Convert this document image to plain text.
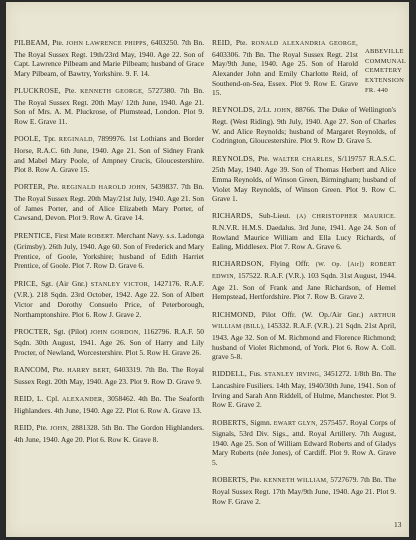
PILBEAM, Pte. JOHN LAWRENCE PHIPPS, 6403250. 7th Bn. The Royal Sussex Regt. 19th/23rd May, 1940. Age 22. Son of Capt. Lawrence Pilbeam and Marie Pilbeam; husband of Grace Mary Pilbeam, of Bawtry, Yorkshire. 9. F. 14.

PLUCKROSE, Pte. KENNETH GEORGE, 5727380. 7th Bn. The Royal Sussex Regt. 20th May/ 12th June, 1940. Age 21. Son of Mrs. A. M. Pluckrose, of Plumstead, London. Plot 9. Row E. Grave 11.

POOLE, Tpr. REGINALD, 7899976. 1st Lothians and Border Horse, R.A.C. 6th June, 1940. Age 21. Son of Sidney Frank and Mabel Mary Poole, of Ampney Crucis, Gloucestershire. Plot 8. Row A. Grave 15.

PORTER, Pte. REGINALD HAROLD JOHN, 5439837. 7th Bn. The Royal Sussex Regt. 20th May/21st July, 1940. Age 21. Son of James Porter, and of Alice Elizabeth Mary Porter, of Cawsand, Devon. Plot 9. Row A. Grave 14.

PRENTICE, First Mate ROBERT. Merchant Navy. s.s. Ladonga (Grimsby). 26th July, 1940. Age 60. Son of Frederick and Mary Prentice, of Goole, Yorkshire; husband of Edith Harriet Prentice, of Goole. Plot 7. Row D. Grave 6.

PRICE, Sgt. (Air Gnr.) STANLEY VICTOR, 1427176. R.A.F. (V.R.). 218 Sqdn. 23rd October, 1942. Age 22. Son of Albert Victor and Dorothy Consuelo Price, of Peterborough, Northamptonshire. Plot 6. Row J. Grave 2.

PROCTER, Sgt. (Pilot) JOHN GORDON, 1162796. R.A.F. 50 Sqdn. 30th August, 1941. Age 26. Son of Harry and Lily Procter, of Newland, Worcestershire. Plot 5. Row H. Grave 26.

RANCOM, Pte. HARRY BERT, 6403319. 7th Bn. The Royal Sussex Regt. 20th May, 1940. Age 23. Plot 9. Row D. Grave 9.

REID, L. Cpl. ALEXANDER, 3058462. 4th Bn. The Seaforth Highlanders. 4th June, 1940. Age 22. Plot 6. Row A. Grave 13.

REID, Pte. JOHN, 2881328. 5th Bn. The Gordon Highlanders. 4th June, 1940. Age 20. Plot 6. Row K. Grave 8.

REID, Pte. RONALD ALEXANDRIA GEORGE, 6403306. 7th Bn. The Royal Sussex Regt. 21st May/9th June, 1940. Age 25. Son of Harold Alexander John and Emily Charlotte Reid, of Southend-on-Sea, Essex. Plot 9. Row E. Grave 15.

REYNOLDS, 2/Lt. JOHN, 88766. The Duke of Wellington's Regt. (West Riding). 9th July, 1940. Age 27. Son of Charles W. and Alice Reynolds; husband of Margaret Reynolds, of Codrington, Gloucestershire. Plot 9. Row D. Grave 5.

REYNOLDS, Pte. WALTER CHARLES, S/119757 R.A.S.C. 25th May, 1940. Age 39. Son of Thomas Herbert and Alice Emma Reynolds, of Winson Green, Birmingham; husband of Violet May Reynolds, of Winson Green. Plot 9. Row C. Grave 1.

RICHARDS, Sub-Lieut. (A) CHRISTOPHER MAURICE. R.N.V.R. H.M.S. Daedalus. 3rd June, 1941. Age 24. Son of Rowland Maurice William and Ella Lucy Richards, of Ealing, Middlesex. Plot 7. Row A. Grave 6.

RICHARDSON, Flying Offr. (W. Op. [Air]) ROBERT EDWIN, 157522. R.A.F. (V.R.). 103 Sqdn. 31st August, 1944. Age 21. Son of Frank and Jane Richardson, of Hemel Hempstead, Hertfordshire. Plot 7. Row B. Grave 2.

RICHMOND, Pilot Offr. (W. Op./Air Gnr.) ARTHUR WILLIAM (BILL), 145332. R.A.F. (V.R.). 21 Sqdn. 21st April, 1943. Age 32. Son of M. Richmond and Florence Richmond; husband of Violet Richmond, of York. Plot 6. Row A. Coll. grave 5-8.

RIDDELL, Fus. STANLEY IRVING, 3451272. 1/8th Bn. The Lancashire Fusiliers. 14th May, 1940/30th June, 1941. Son of Irving and Sarah Ann Riddell, of Hulme, Manchester. Plot 9. Row E. Grave 2.

ROBERTS, Sigmn. EWART GLYN, 2575457. Royal Corps of Signals, 53rd Div. Sigs., attd. Royal Artillery. 7th August, 1940. Age 25. Son of William Edward Roberts and of Gladys Mary Roberts (née Jones), of Cardiff. Plot 9. Row A. Grave 5.

ROBERTS, Pte. KENNETH WILLIAM, 5727679. 7th Bn. The Royal Sussex Regt. 17th May/9th June, 1940. Age 21. Plot 9. Row F. Grave 2.

ABBEVILLE
COMMUNAL
CEMETERY
EXTENSION
FR. 440
13
